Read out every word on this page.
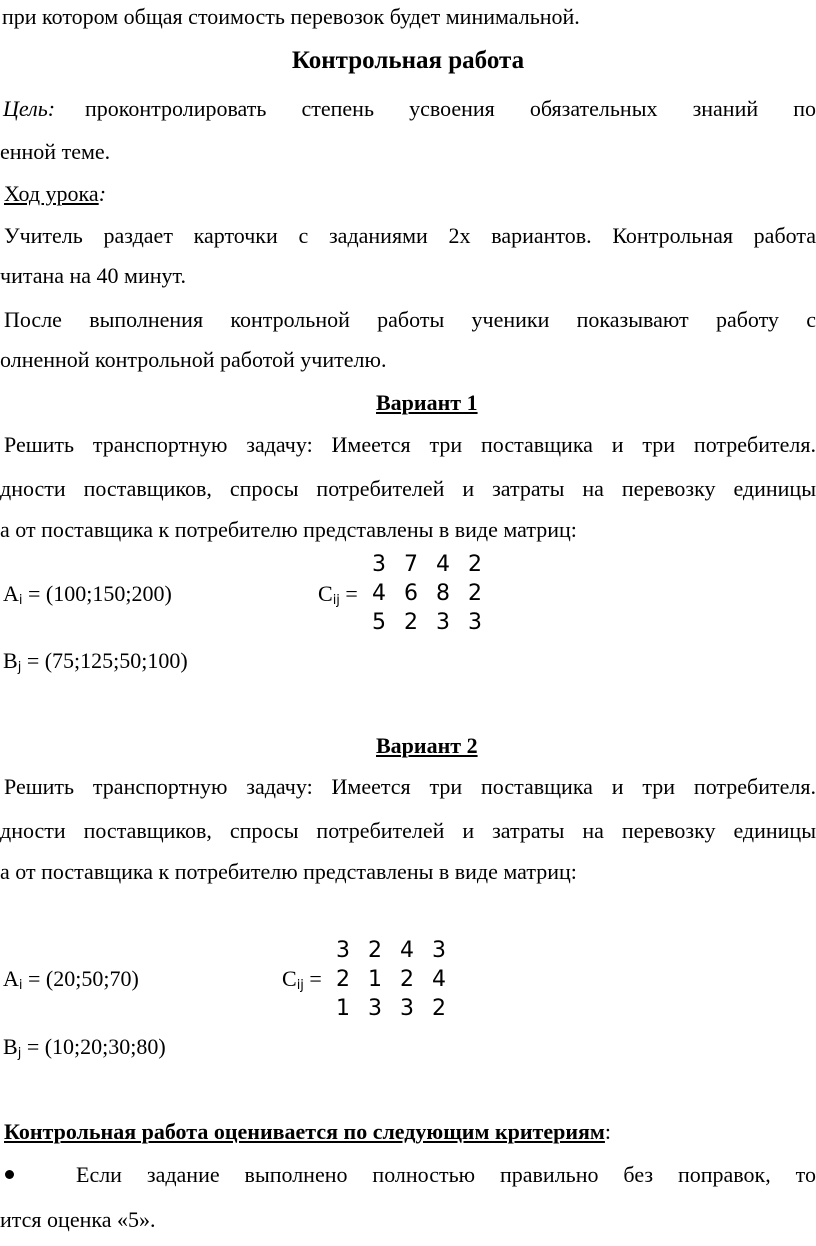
при котором общая стоимость перевозок будет минимальной.
Контрольная работа
Цель: проконтролировать степень усвоения обязательных знаний по
енной теме.
Ход урока:
Учитель раздает карточки с заданиями 2х вариантов. Контрольная работа
читана на 40 минут.
После выполнения контрольной работы ученики показывают работу с
олненной контрольной работой учителю.
Вариант 1
Решить транспортную задачу: Имеется три поставщика и три потребителя.
дности поставщиков, спросы потребителей и затраты на перевозку единицы
а от поставщика к потребителю представлены в виде матриц:
Ai = (100;150;200)	Cij =
3 7 4 2
4 6 8 2
5 2 3 3
Bj = (75;125;50;100)
Вариант 2
Решить транспортную задачу: Имеется три поставщика и три потребителя.
дности поставщиков, спросы потребителей и затраты на перевозку единицы
а от поставщика к потребителю представлены в виде матриц:
Ai = (20;50;70)	Cij =
3 2 4 3
2 1 2 4
1 3 3 2
Bj = (10;20;30;80)
Контрольная работа оценивается по следующим критериям:
Если задание выполнено полностью правильно без поправок, то
ится оценка «5».
